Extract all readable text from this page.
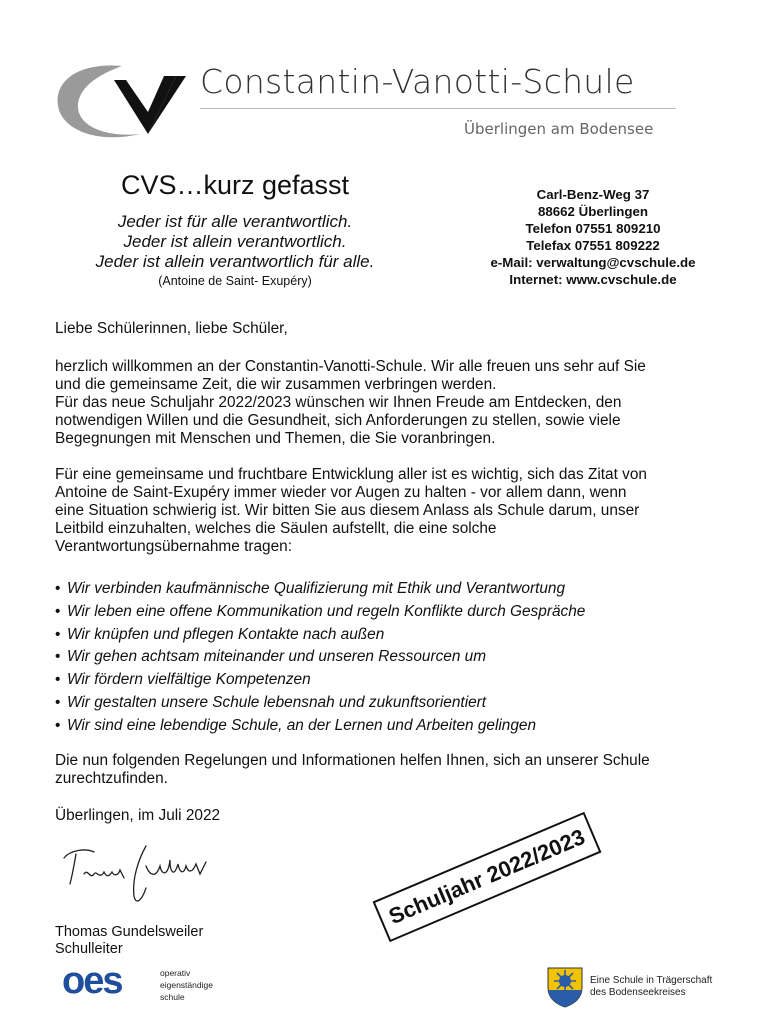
Constantin-Vanotti-Schule
Überlingen am Bodensee
CVS…kurz gefasst
Jeder ist für alle verantwortlich.
Jeder ist allein verantwortlich.
Jeder ist allein verantwortlich für alle.
(Antoine de Saint- Exupéry)
Carl-Benz-Weg 37
88662 Überlingen
Telefon 07551 809210
Telefax 07551 809222
e-Mail: verwaltung@cvschule.de
Internet: www.cvschule.de
Liebe Schülerinnen, liebe Schüler,
herzlich willkommen an der Constantin-Vanotti-Schule. Wir alle freuen uns sehr auf Sie
und die gemeinsame Zeit, die wir zusammen verbringen werden.
Für das neue Schuljahr 2022/2023 wünschen wir Ihnen Freude am Entdecken, den
notwendigen Willen und die Gesundheit, sich Anforderungen zu stellen, sowie viele
Begegnungen mit Menschen und Themen, die Sie voranbringen.
Für eine gemeinsame und fruchtbare Entwicklung aller ist es wichtig, sich das Zitat von
Antoine de Saint-Exupéry immer wieder vor Augen zu halten - vor allem dann, wenn
eine Situation schwierig ist. Wir bitten Sie aus diesem Anlass als Schule darum, unser
Leitbild einzuhalten, welches die Säulen aufstellt, die eine solche
Verantwortungsübernahme tragen:
• Wir verbinden kaufmännische Qualifizierung mit Ethik und Verantwortung
• Wir leben eine offene Kommunikation und regeln Konflikte durch Gespräche
• Wir knüpfen und pflegen Kontakte nach außen
• Wir gehen achtsam miteinander und unseren Ressourcen um
• Wir fördern vielfältige Kompetenzen
• Wir gestalten unsere Schule lebensnah und zukunftsorientiert
• Wir sind eine lebendige Schule, an der Lernen und Arbeiten gelingen
Die nun folgenden Regelungen und Informationen helfen Ihnen, sich an unserer Schule
zurechtzufinden.
Überlingen, im Juli 2022
Thomas Gundelsweiler
Schulleiter
Schuljahr 2022/2023
oes	operativ
eigenständige
schule
Eine Schule in Trägerschaft
des Bodenseekreises
